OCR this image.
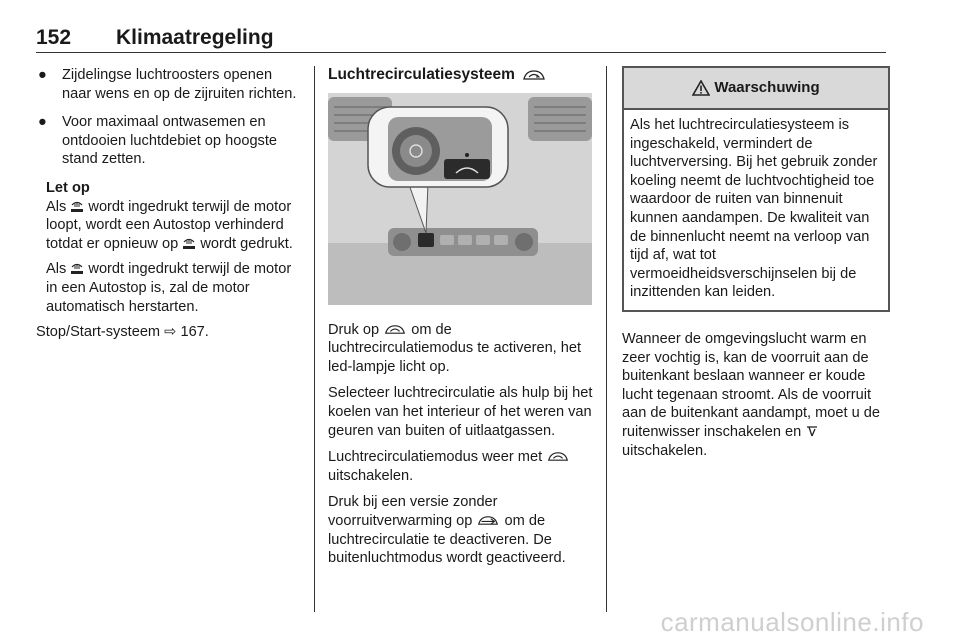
152 Klimaatregeling
● Zijdelingse luchtroosters openen naar wens en op de zijruiten richten.
● Voor maximaal ontwasemen en ontdooien luchtdebiet op hoogste stand zetten.
Let op

Als wordt ingedrukt terwijl de motor loopt, wordt een Autostop verhinderd totdat er opnieuw op wordt gedrukt.

Als wordt ingedrukt terwijl de motor in een Autostop is, zal de motor automatisch herstarten.

Stop/Start-systeem ⇨ 167.

Luchtrecirculatiesysteem

Druk op om de luchtrecirculatiemodus te activeren, het led-lampje licht op.

Selecteer luchtrecirculatie als hulp bij het koelen van het interieur of het weren van geuren van buiten of uitlaatgassen.

Luchtrecirculatiemodus weer met  uitschakelen.

Druk bij een versie zonder voorruitverwarming op om de luchtrecirculatie te deactiveren. De buitenluchtmodus wordt geactiveerd.

Waarschuwing
Als het luchtrecirculatiesysteem is ingeschakeld, vermindert de luchtverversing. Bij het gebruik zonder koeling neemt de luchtvochtigheid toe waardoor de ruiten van binnenuit kunnen aandampen. De kwaliteit van de binnenlucht neemt na verloop van tijd af, wat tot vermoeidheidsverschijnselen bij de inzittenden kan leiden.

Wanneer de omgevingslucht warm en zeer vochtig is, kan de voorruit aan de buitenkant beslaan wanneer er koude lucht tegenaan stroomt. Als de voorruit aan de buitenkant aandampt, moet u de ruitenwisser inschakelen en  uitschakelen.

carmanualsonline.info
